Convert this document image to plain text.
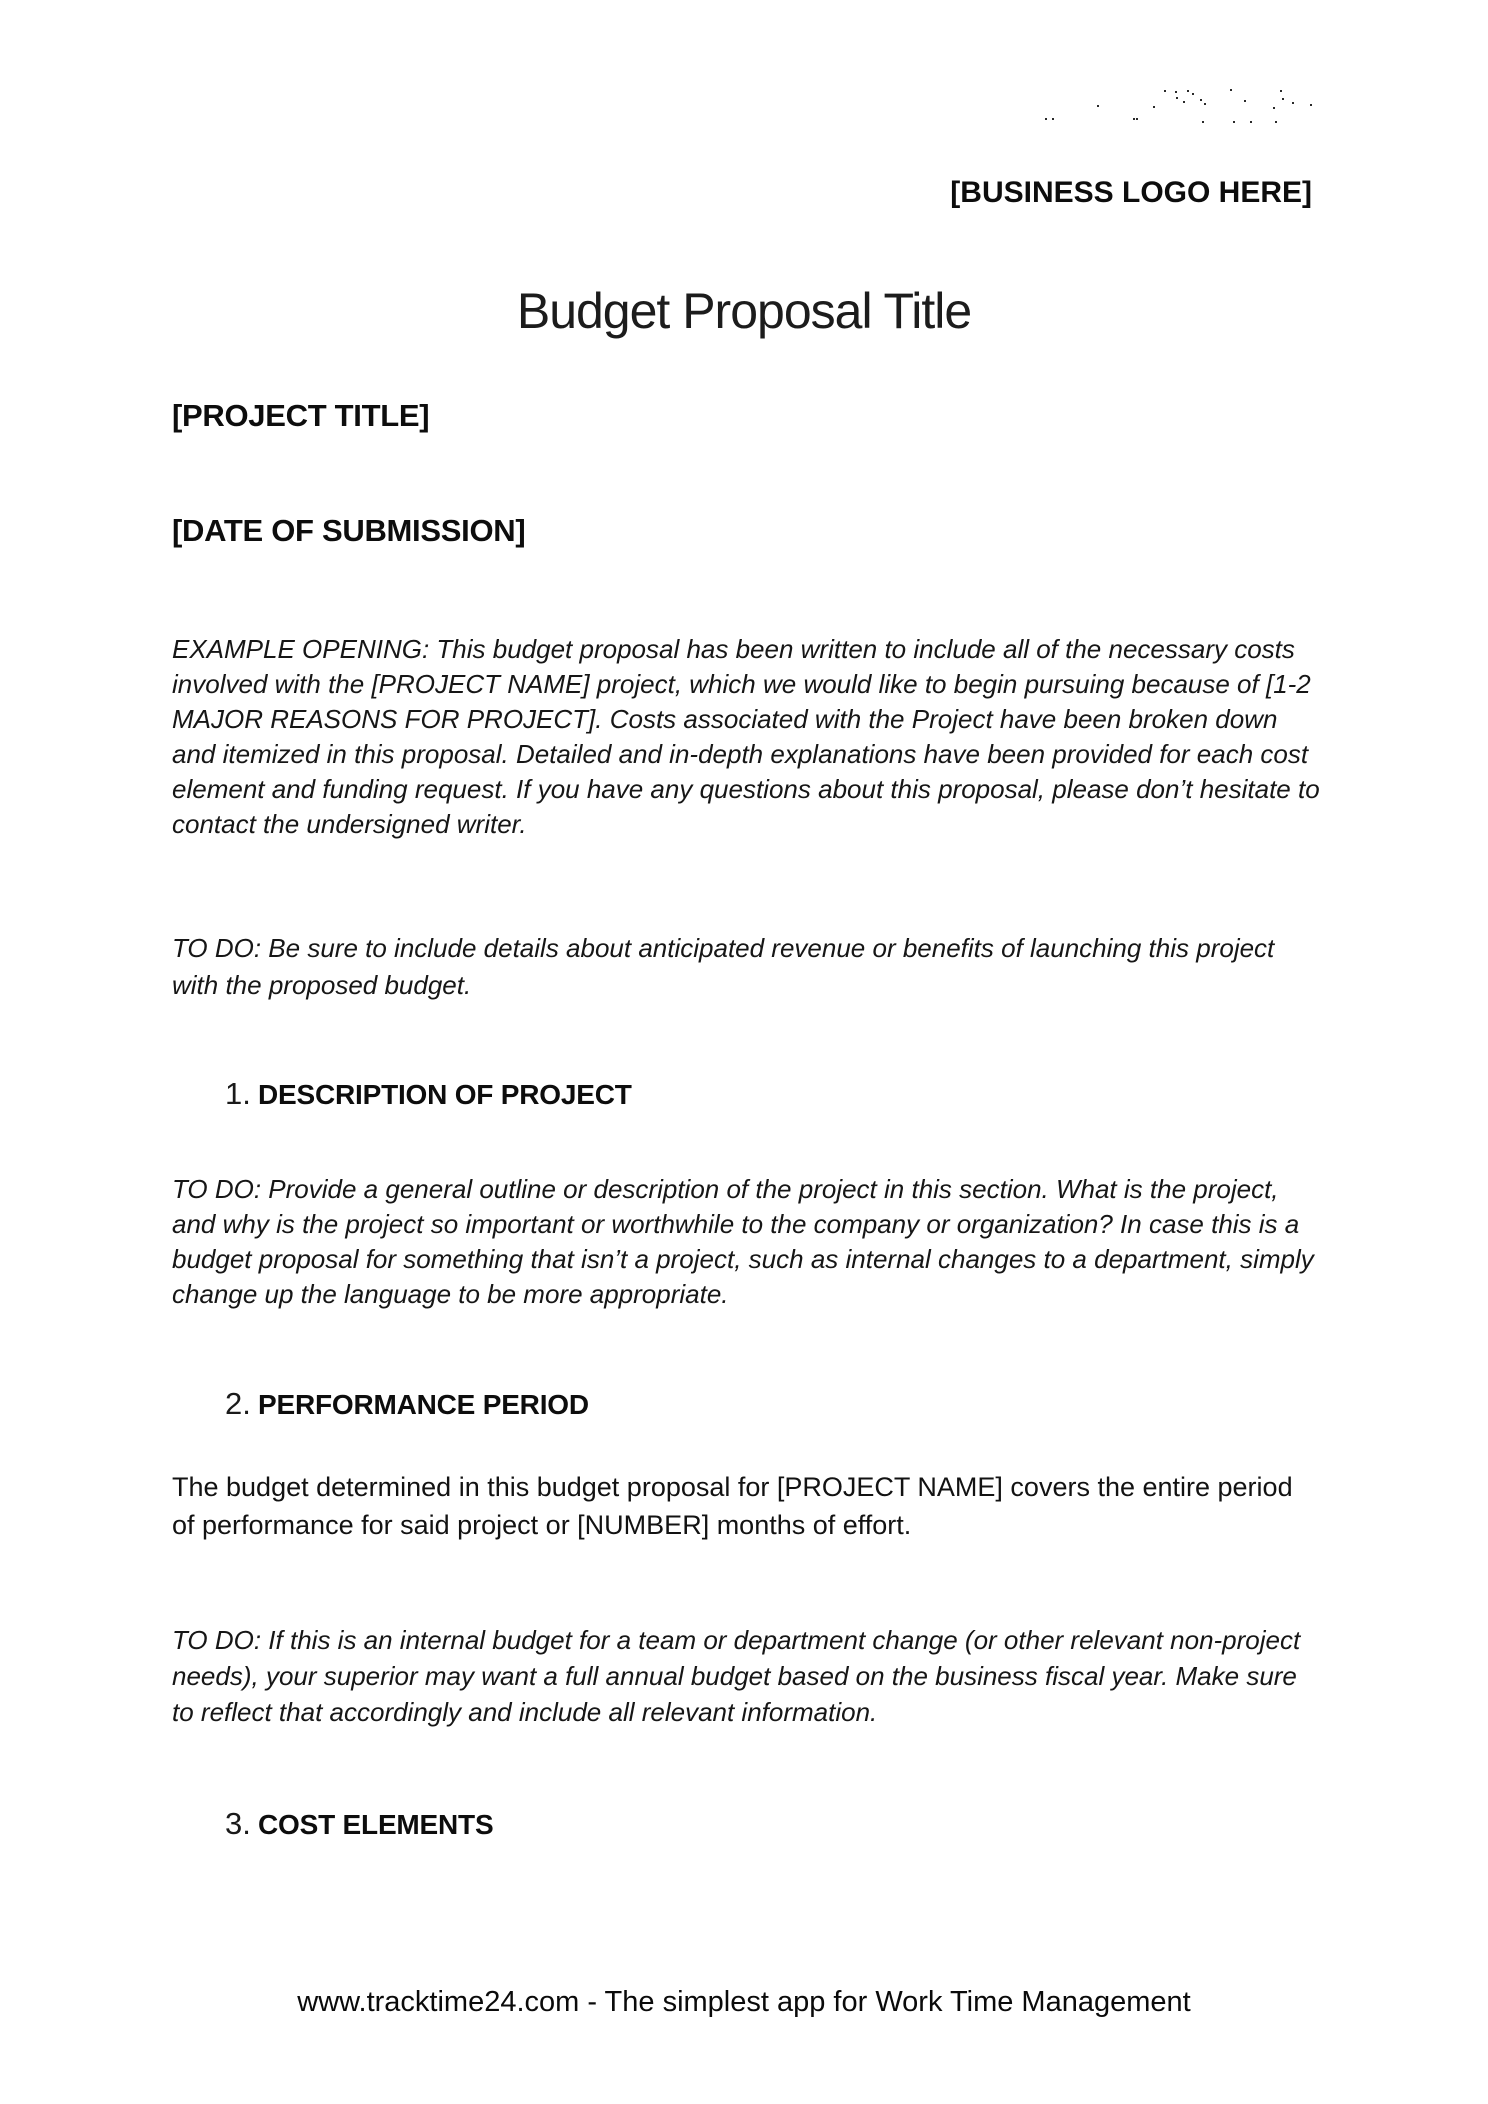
[BUSINESS LOGO HERE]
Budget Proposal Title
[PROJECT TITLE]
[DATE OF SUBMISSION]
EXAMPLE OPENING: This budget proposal has been written to include all of the necessary costs involved with the [PROJECT NAME] project, which we would like to begin pursuing because of [1-2 MAJOR REASONS FOR PROJECT]. Costs associated with the Project have been broken down and itemized in this proposal. Detailed and in-depth explanations have been provided for each cost element and funding request. If you have any questions about this proposal, please don’t hesitate to contact the undersigned writer.
TO DO: Be sure to include details about anticipated revenue or benefits of launching this project with the proposed budget.
1. DESCRIPTION OF PROJECT
TO DO: Provide a general outline or description of the project in this section. What is the project, and why is the project so important or worthwhile to the company or organization? In case this is a budget proposal for something that isn’t a project, such as internal changes to a department, simply change up the language to be more appropriate.
2. PERFORMANCE PERIOD
The budget determined in this budget proposal for [PROJECT NAME] covers the entire period of performance for said project or [NUMBER] months of effort.
TO DO: If this is an internal budget for a team or department change (or other relevant non-project needs), your superior may want a full annual budget based on the business fiscal year. Make sure to reflect that accordingly and include all relevant information.
3. COST ELEMENTS
www.tracktime24.com - The simplest app for Work Time Management
